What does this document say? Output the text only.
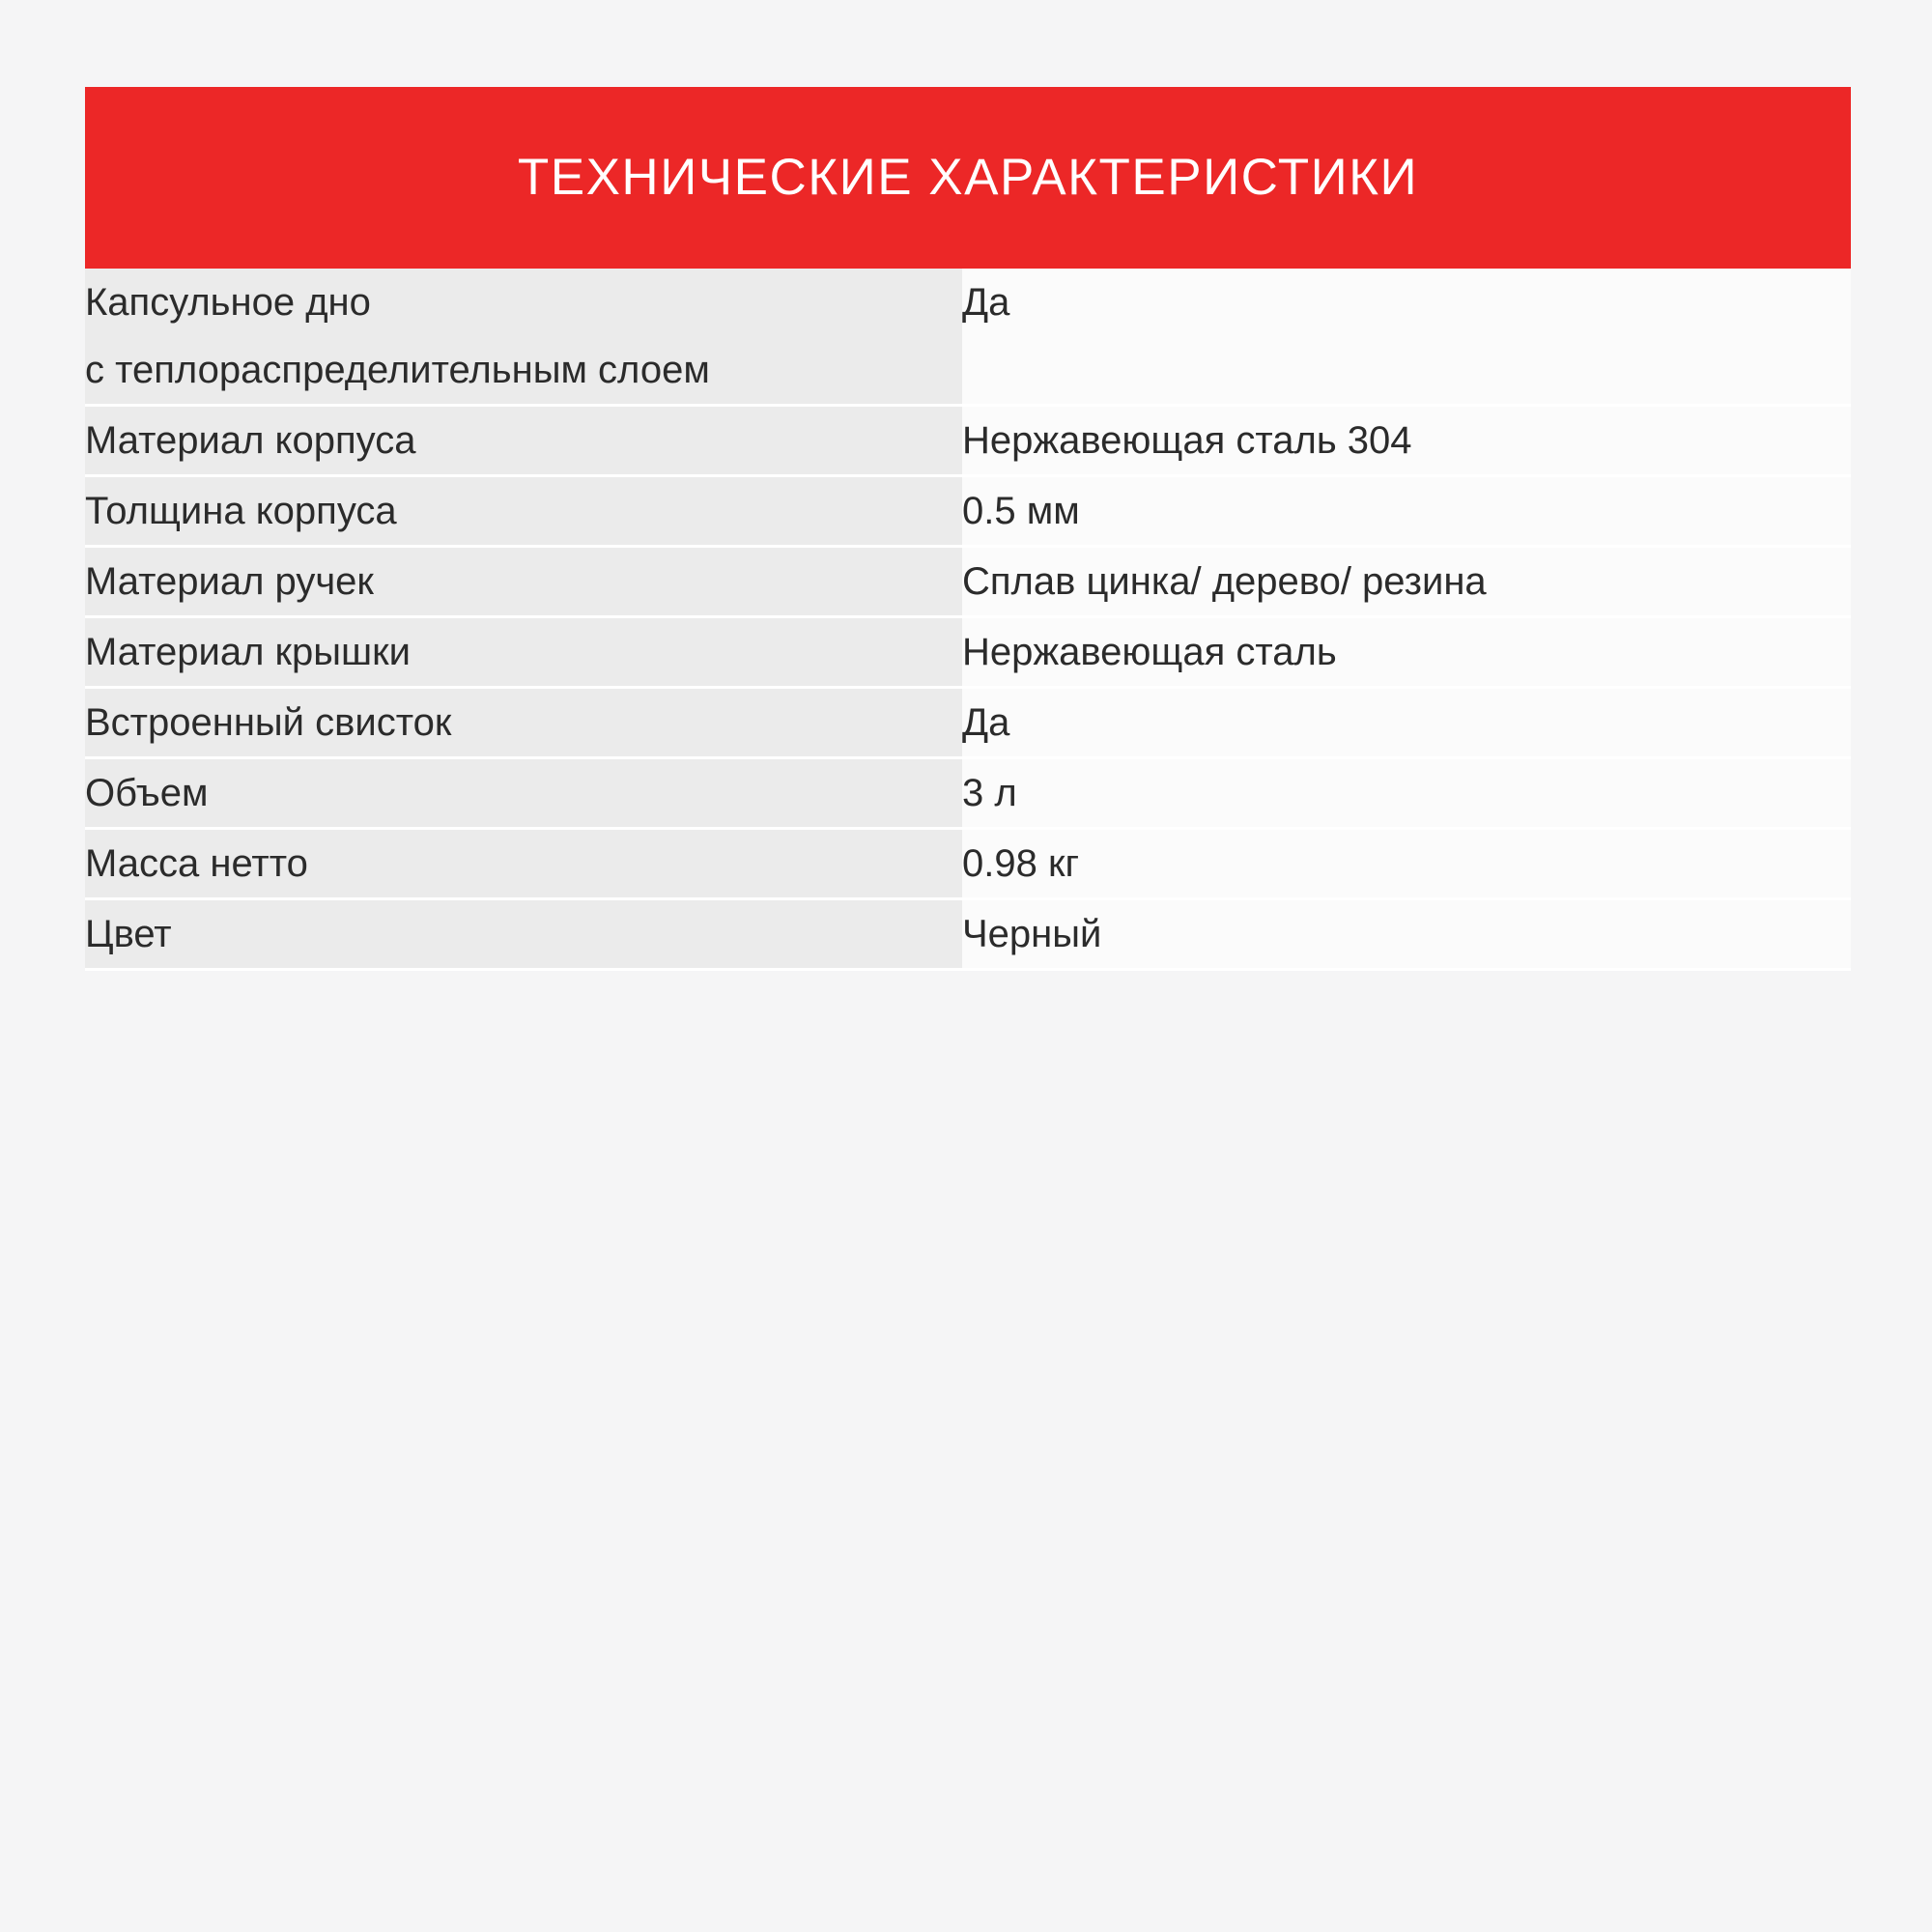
ТЕХНИЧЕСКИЕ ХАРАКТЕРИСТИКИ
Капсульное дно
с теплораспределительным слоем	Да
Материал корпуса	Нержавеющая сталь 304
Толщина корпуса	0.5 мм
Материал ручек	Сплав цинка/ дерево/ резина
Материал крышки	Нержавеющая сталь
Встроенный свисток	Да
Объем	3 л
Масса нетто	0.98 кг
Цвет	Черный
